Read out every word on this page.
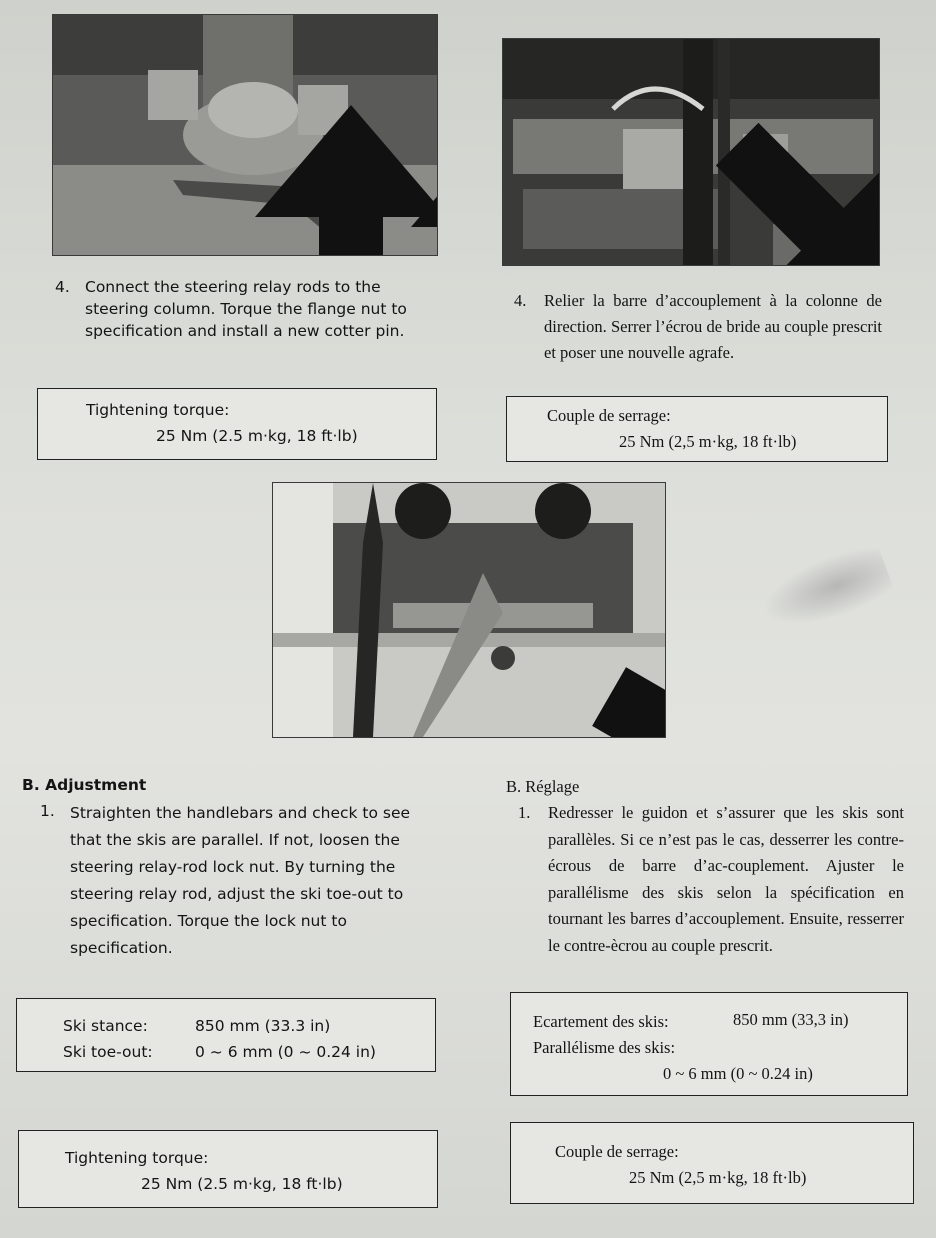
4. Connect the steering relay rods to the steering column. Torque the flange nut to specification and install a new cotter pin.
Tightening torque:
25 Nm (2.5 m·kg, 18 ft·lb)
4. Relier la barre d’accouplement à la colonne de direction. Serrer l’écrou de bride au couple prescrit et poser une nouvelle agrafe.
Couple de serrage:
25 Nm (2,5 m·kg, 18 ft·lb)
B. Adjustment
1. Straighten the handlebars and check to see that the skis are parallel. If not, loosen the steering relay-rod lock nut. By turning the steering relay rod, adjust the ski toe-out to specification. Torque the lock nut to specification.
Ski stance:	850 mm (33.3 in)
Ski toe-out:	0 ~ 6 mm (0 ~ 0.24 in)
Tightening torque:
25 Nm (2.5 m·kg, 18 ft·lb)
B. Réglage
1. Redresser le guidon et s’assurer que les skis sont parallèles. Si ce n’est pas le cas, desserrer les contre-écrous de barre d’ac-couplement. Ajuster le parallélisme des skis selon la spécification en tournant les barres d’accouplement. Ensuite, resserrer le contre-ècrou au couple prescrit.
Ecartement des skis:	850 mm (33,3 in)
Parallélisme des skis:
0 ~ 6 mm (0 ~ 0.24 in)
Couple de serrage:
25 Nm (2,5 m·kg, 18 ft·lb)
